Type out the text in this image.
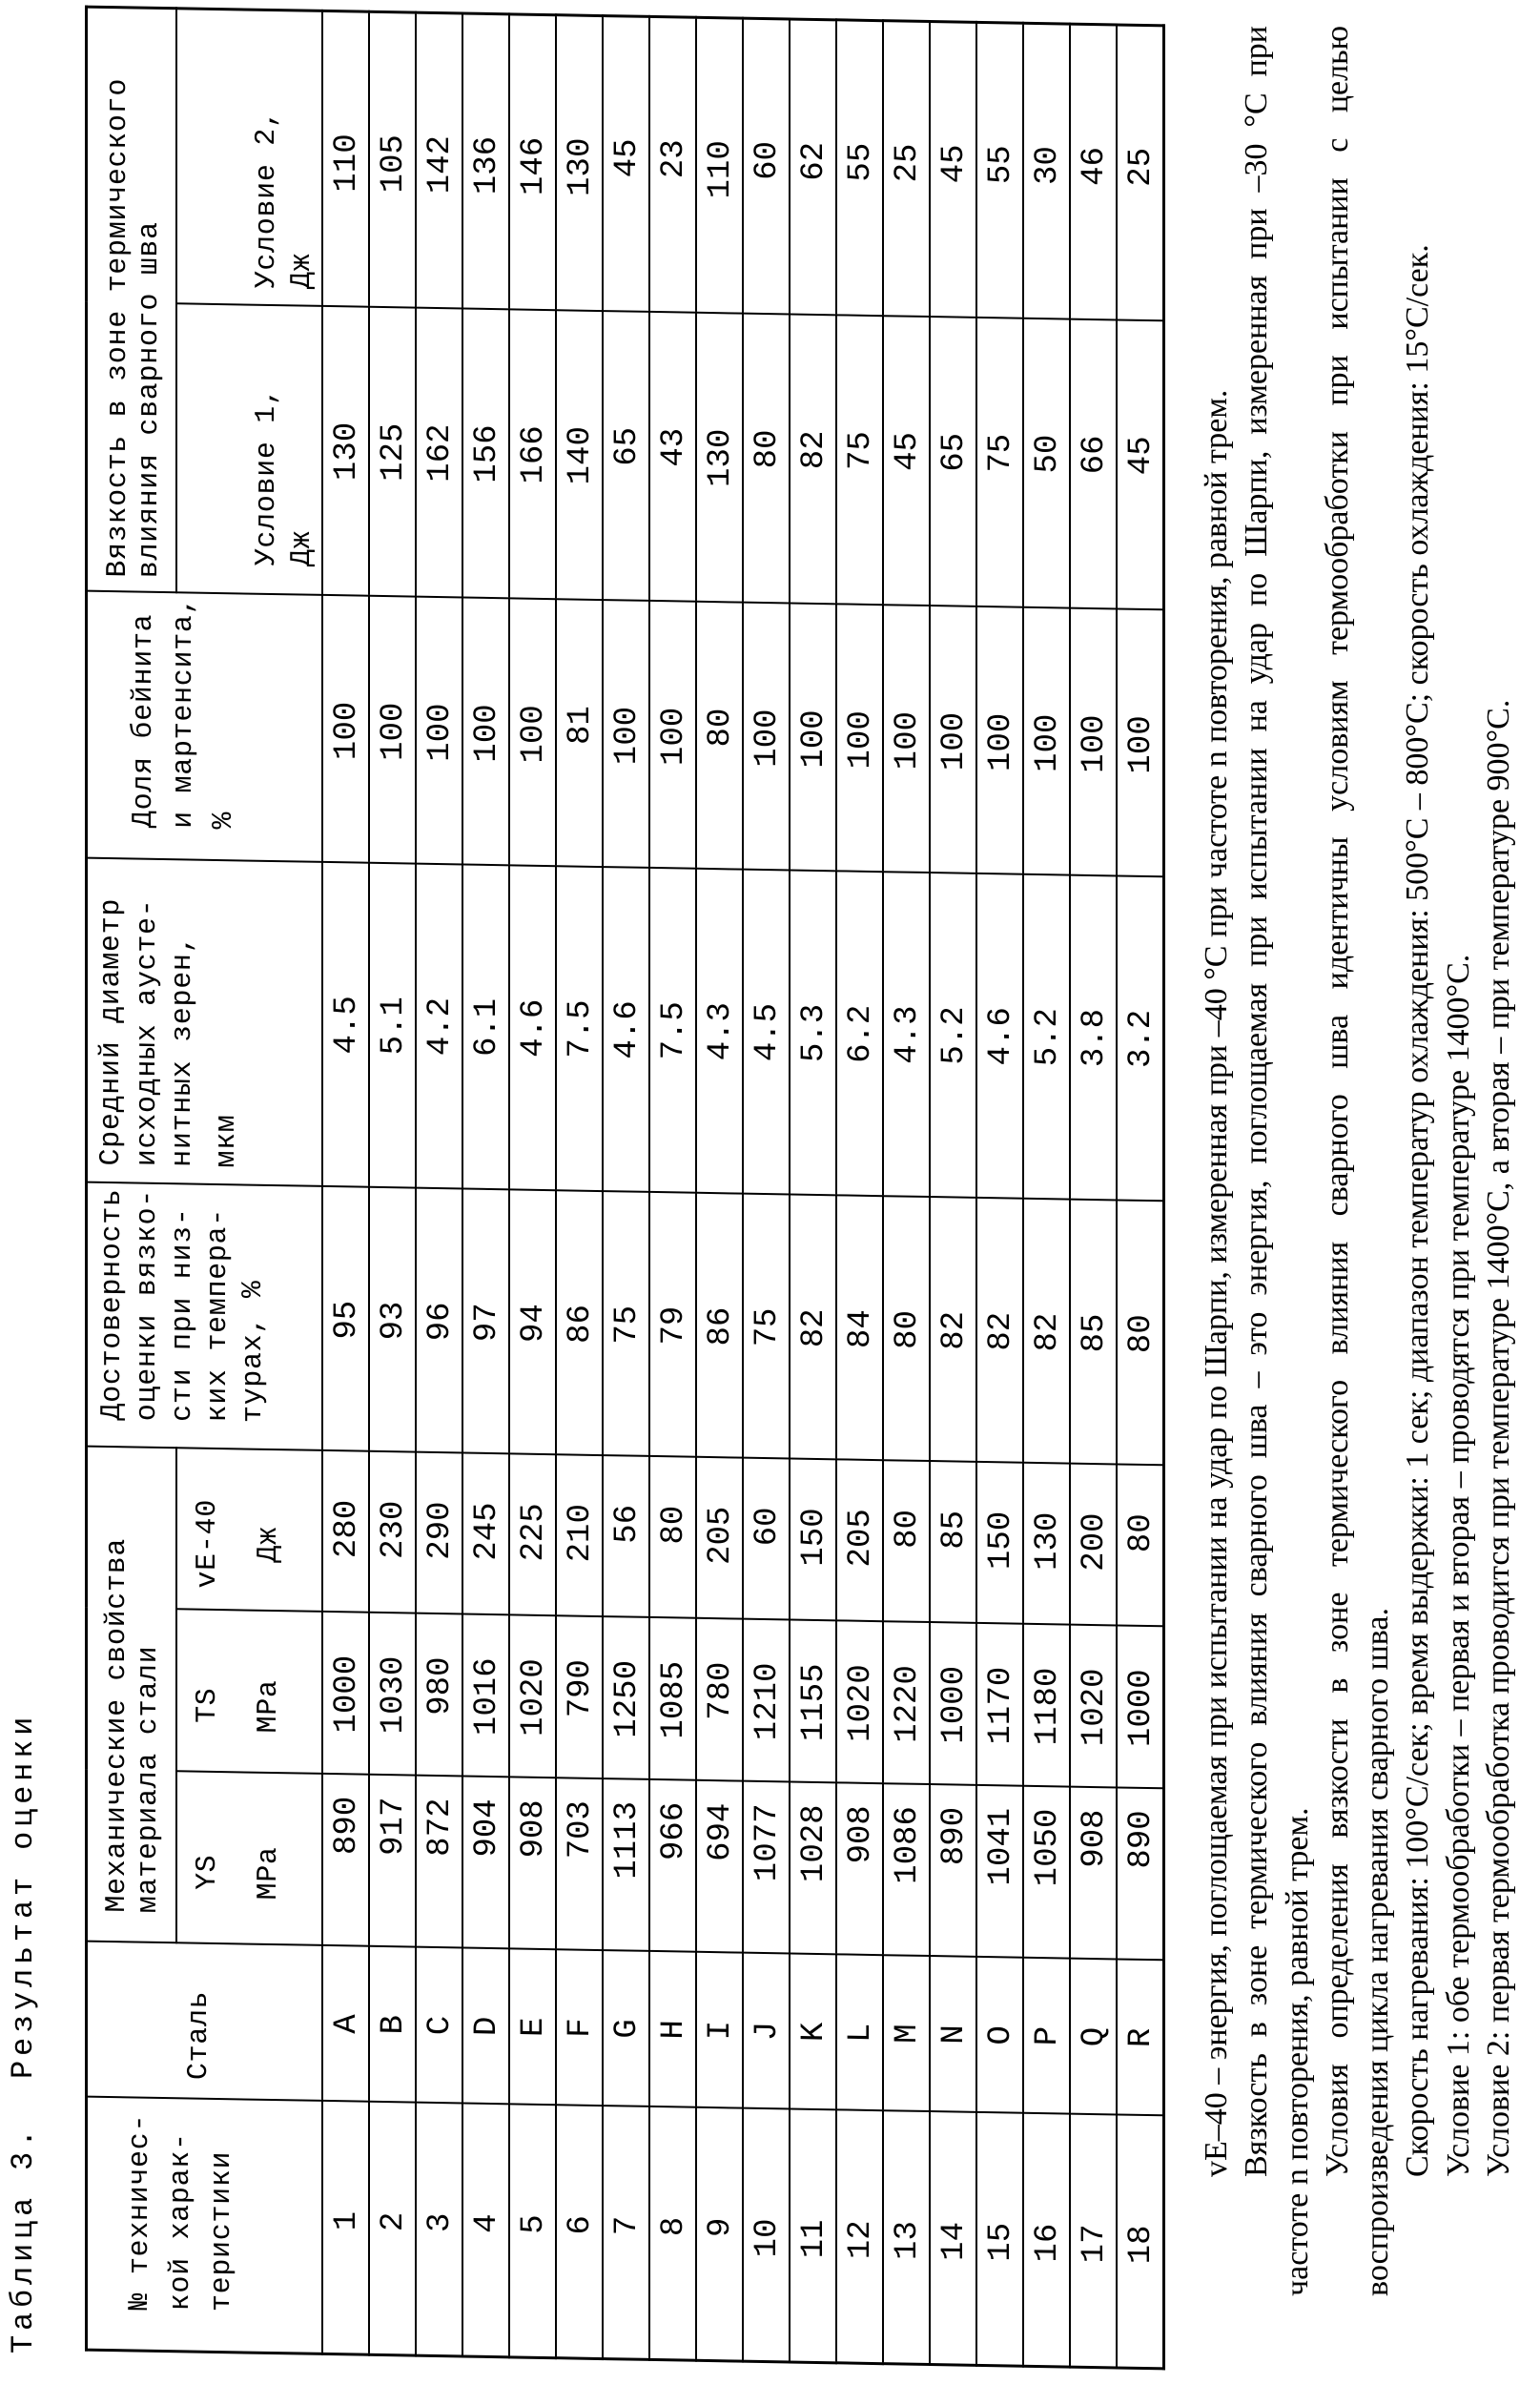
Таблица 3.  Результат оценки	№ техничес- кой харак- теристики

Сталь

Механические свойства материала стали

Достоверность оценки вязко- сти при низ- ких темпера- турах, %

Средний диаметр исходных аусте- нитных зерен, мкм

Доля бейнита и мартенсита, %

Вязкость в зоне термического влияния сварного шва

YS	MPa

TS	MPa

vE-40	Дж

Условие 1, Дж

Условие 2, Дж

1	A	890	1000	280	95	4.5	100	130	110
2	B	917	1030	230	93	5.1	100	125	105
3	C	872	980	290	96	4.2	100	162	142
4	D	904	1016	245	97	6.1	100	156	136
5	E	908	1020	225	94	4.6	100	166	146
6	F	703	790	210	86	7.5	81	140	130
7	G	1113	1250	56	75	4.6	100	65	45
8	H	966	1085	80	79	7.5	100	43	23
9	I	694	780	205	86	4.3	80	130	110
10	J	1077	1210	60	75	4.5	100	80	60
11	K	1028	1155	150	82	5.3	100	82	62
12	L	908	1020	205	84	6.2	100	75	55
13	M	1086	1220	80	80	4.3	100	45	25
14	N	890	1000	85	82	5.2	100	65	45
15	O	1041	1170	150	82	4.6	100	75	55
16	P	1050	1180	130	82	5.2	100	50	30
17	Q	908	1020	200	85	3.8	100	66	46
18	R	890	1000	80	80	3.2	100	45	25
vE–40 – энергия, поглощаемая при испытании на удар по Шарпи, измеренная при –40 °C при частоте n повторения, равной трем. Вязкость в зоне термического влияния сварного шва – это энергия, поглощаемая при испытании на удар по Шарпи, измеренная при –30 °C при частоте n повторения, равной трем. Условия определения вязкости в зоне термического влияния сварного шва идентичны условиям термообработки при испытании с целью воспроизведения цикла нагревания сварного шва. Скорость нагревания: 100°C/сек; время выдержки: 1 сек; диапазон температур охлаждения: 500°C – 800°C; скорость охлаждения: 15°C/сек. Условие 1: обе термообработки – первая и вторая – проводятся при температуре 1400°C. Условие 2: первая термообработка проводится при температуре 1400°C, а вторая – при температуре 900°C.
